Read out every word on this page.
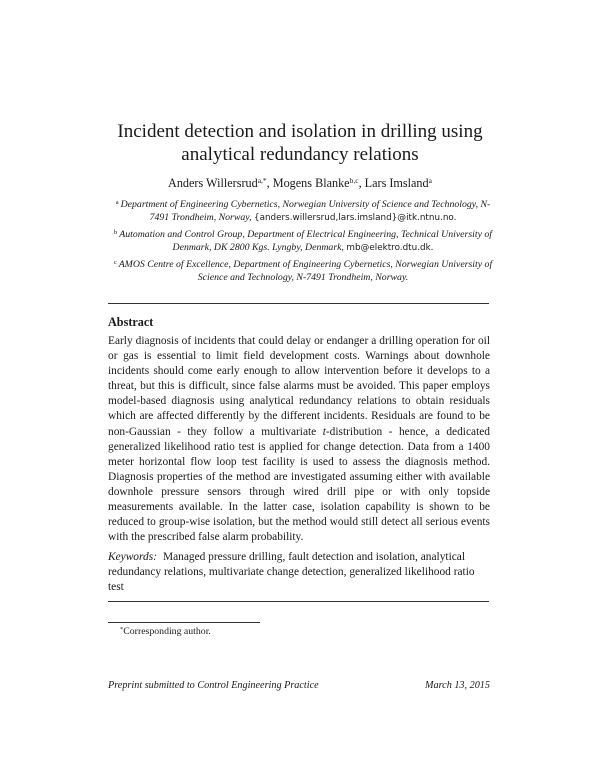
Incident detection and isolation in drilling using
analytical redundancy relations
Anders Willersrud$^{a,*}$, Mogens Blanke$^{b,c}$, Lars Imsland$^a$

$^a$ Department of Engineering Cybernetics, Norwegian University of Science and Technology, N-7491 Trondheim, Norway, {anders.willersrud,lars.imsland}@itk.ntnu.no.

$^b$ Automation and Control Group, Department of Electrical Engineering, Technical University of Denmark, DK 2800 Kgs. Lyngby, Denmark, mb@elektro.dtu.dk.

$^c$ AMOS Centre of Excellence, Department of Engineering Cybernetics, Norwegian University of Science and Technology, N-7491 Trondheim, Norway.

Abstract

Early diagnosis of incidents that could delay or endanger a drilling operation for oil or gas is essential to limit field development costs. Warnings about downhole incidents should come early enough to allow intervention before it develops to a threat, but this is difficult, since false alarms must be avoided. This paper employs model-based diagnosis using analytical redundancy relations to obtain residuals which are affected differently by the different incidents. Residuals are found to be non-Gaussian - they follow a multivariate t-distribution - hence, a dedicated generalized likelihood ratio test is applied for change detection. Data from a 1400 meter horizontal flow loop test facility is used to assess the diagnosis method. Diagnosis properties of the method are investigated assuming either with available downhole pressure sensors through wired drill pipe or with only topside measurements available. In the latter case, isolation capability is shown to be reduced to group-wise isolation, but the method would still detect all serious events with the prescribed false alarm probability.

Keywords: Managed pressure drilling, fault detection and isolation, analytical redundancy relations, multivariate change detection, generalized likelihood ratio test

*Corresponding author.
Preprint submitted to Control Engineering Practice	March 13, 2015
